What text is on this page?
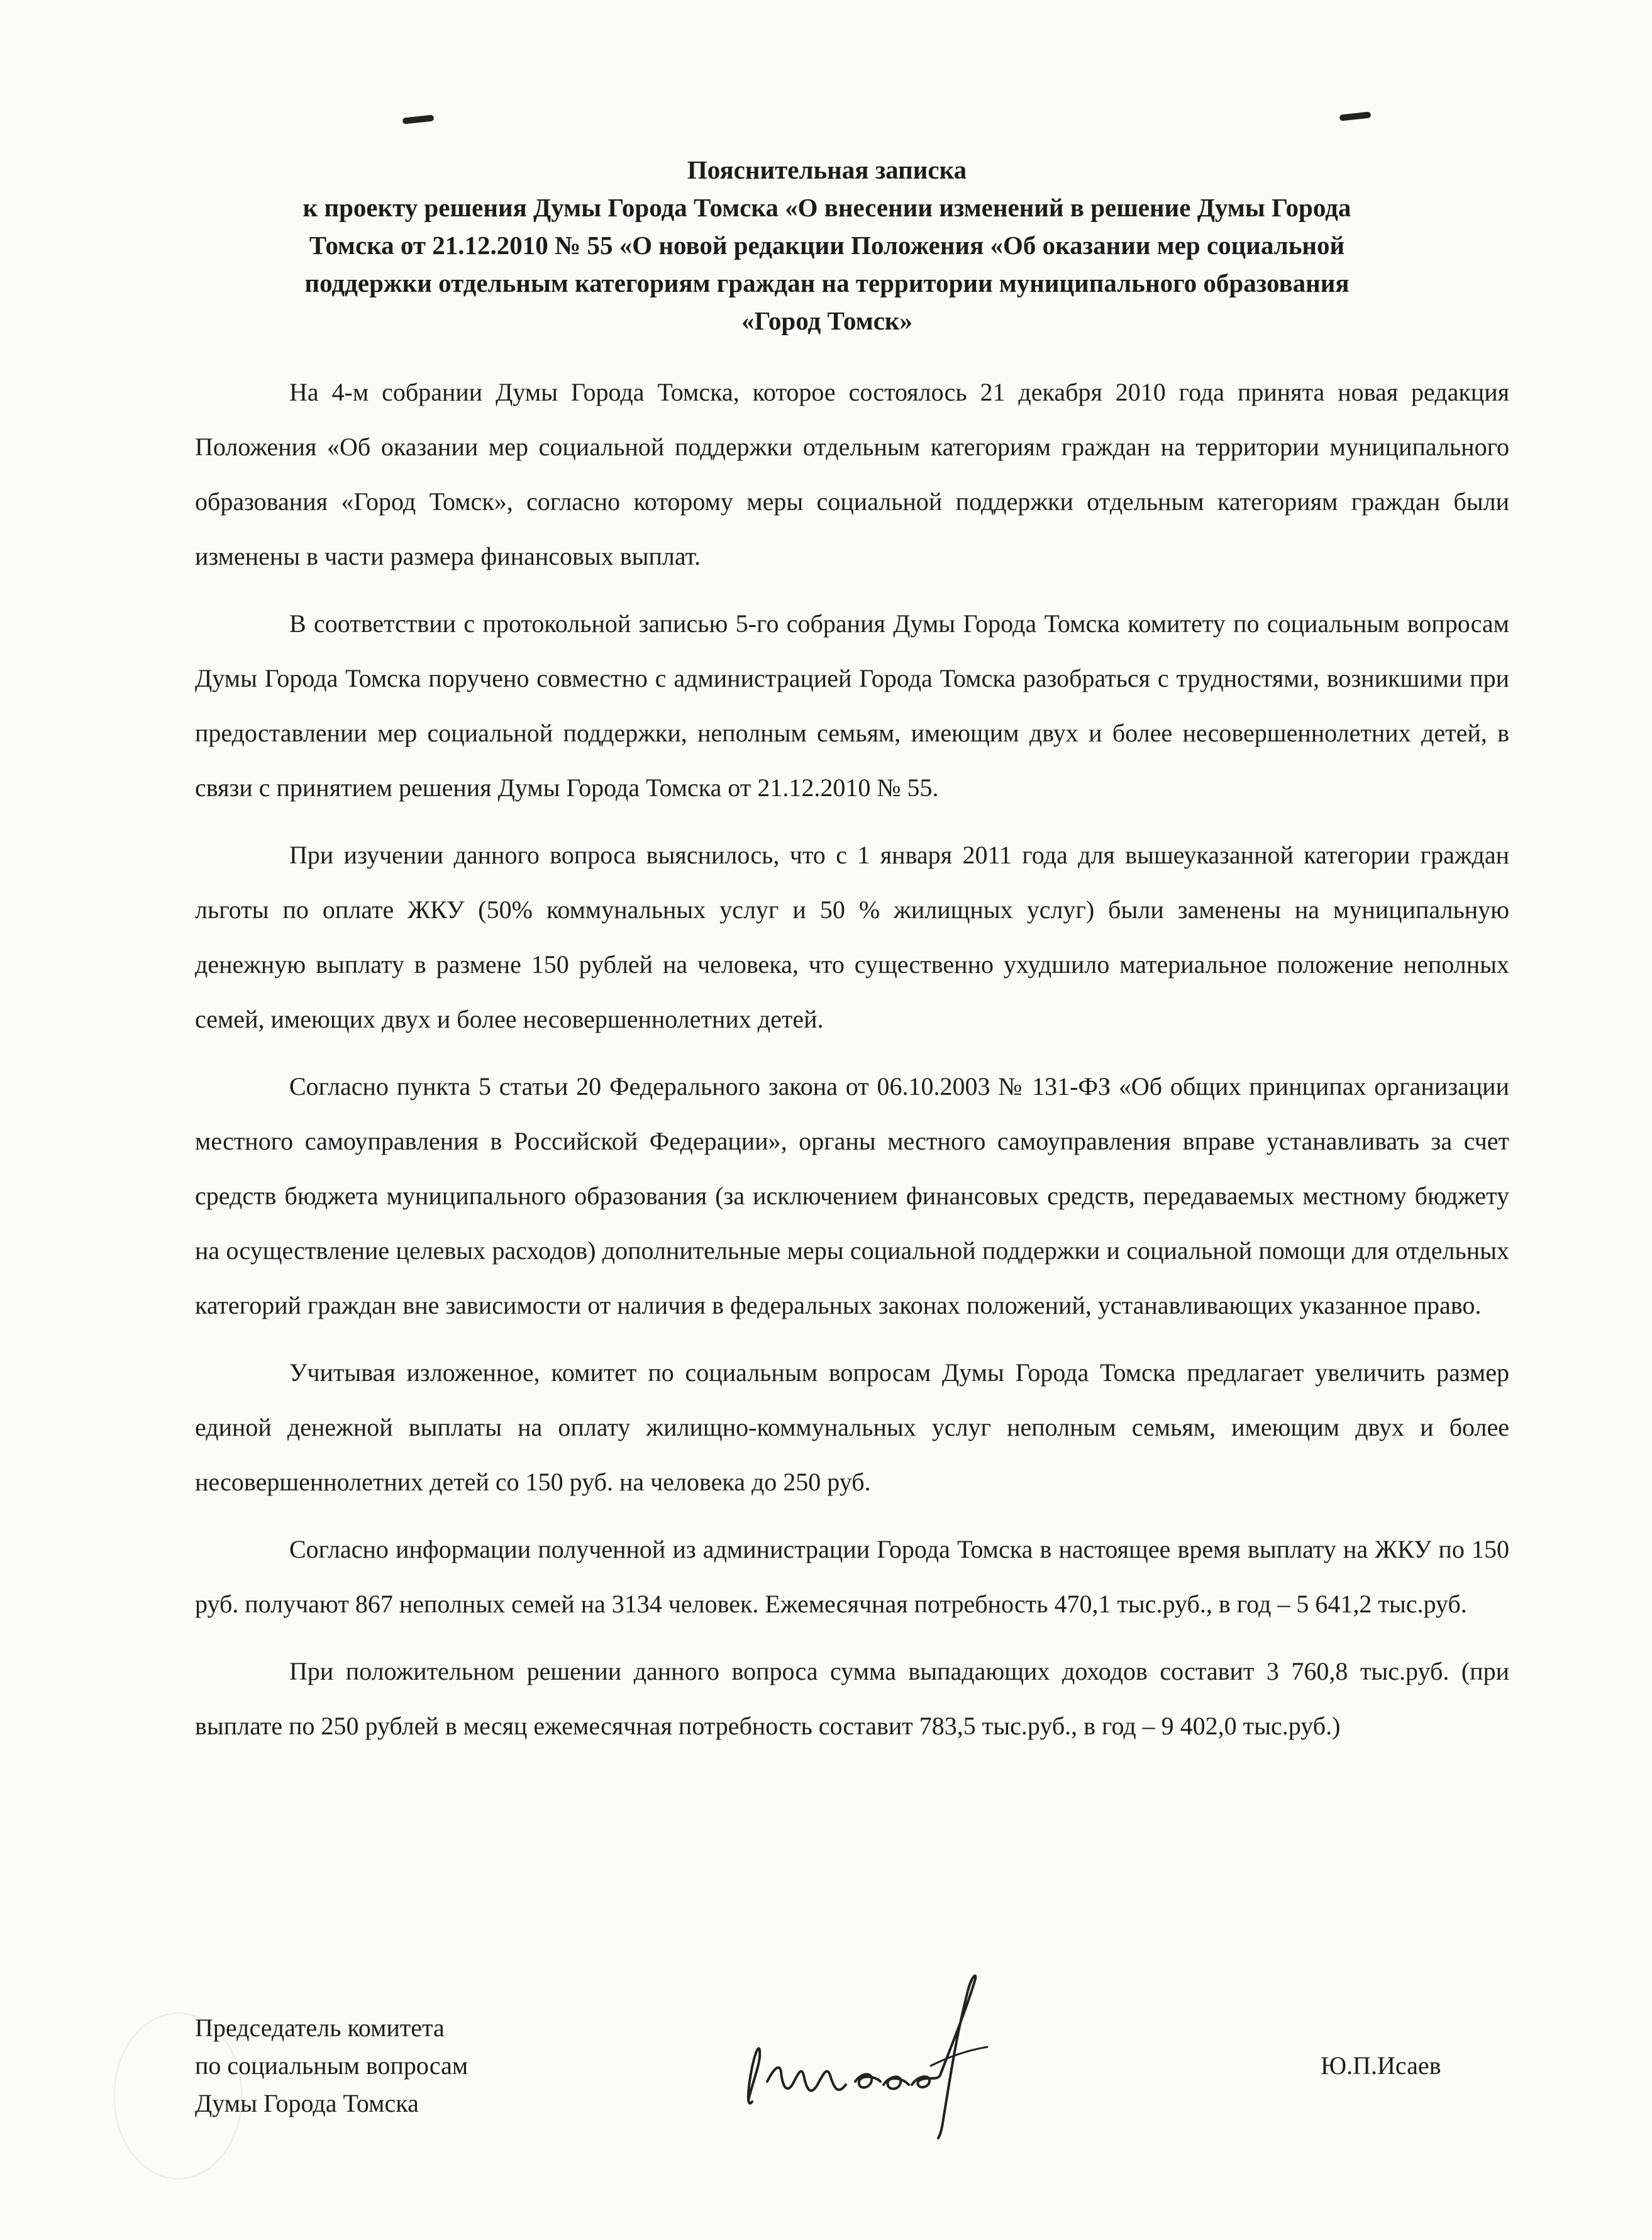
Пояснительная записка
к проекту решения Думы Города Томска «О внесении изменений в решение Думы Города
Томска от 21.12.2010 № 55 «О новой редакции Положения «Об оказании мер социальной
поддержки отдельным категориям граждан на территории муниципального образования
«Город Томск»

На 4-м собрании Думы Города Томска, которое состоялось 21 декабря 2010 года принята новая редакция Положения «Об оказании мер социальной поддержки отдельным категориям граждан на территории муниципального образования «Город Томск», согласно которому меры социальной поддержки отдельным категориям граждан были изменены в части размера финансовых выплат.

В соответствии с протокольной записью 5-го собрания Думы Города Томска комитету по социальным вопросам Думы Города Томска поручено совместно с администрацией Города Томска разобраться с трудностями, возникшими при предоставлении мер социальной поддержки, неполным семьям, имеющим двух и более несовершеннолетних детей, в связи с принятием решения Думы Города Томска от 21.12.2010 № 55.

При изучении данного вопроса выяснилось, что с 1 января 2011 года для вышеуказанной категории граждан льготы по оплате ЖКУ (50% коммунальных услуг и 50 % жилищных услуг) были заменены на муниципальную денежную выплату в размене 150 рублей на человека, что существенно ухудшило материальное положение неполных семей, имеющих двух и более несовершеннолетних детей.

Согласно пункта 5 статьи 20 Федерального закона от 06.10.2003 № 131-ФЗ «Об общих принципах организации местного самоуправления в Российской Федерации», органы местного самоуправления вправе устанавливать за счет средств бюджета муниципального образования (за исключением финансовых средств, передаваемых местному бюджету на осуществление целевых расходов) дополнительные меры социальной поддержки и социальной помощи для отдельных категорий граждан вне зависимости от наличия в федеральных законах положений, устанавливающих указанное право.

Учитывая изложенное, комитет по социальным вопросам Думы Города Томска предлагает увеличить размер единой денежной выплаты на оплату жилищно-коммунальных услуг неполным семьям, имеющим двух и более несовершеннолетних детей со 150 руб. на человека до 250 руб.

Согласно информации полученной из администрации Города Томска в настоящее время выплату на ЖКУ по 150 руб. получают 867 неполных семей на 3134 человек. Ежемесячная потребность 470,1 тыс.руб., в год – 5 641,2 тыс.руб.

При положительном решении данного вопроса сумма выпадающих доходов составит 3 760,8 тыс.руб. (при выплате по 250 рублей в месяц ежемесячная потребность составит 783,5 тыс.руб., в год – 9 402,0 тыс.руб.)

Председатель комитета
по социальным вопросам
Думы Города Томска
Ю.П.Исаев
